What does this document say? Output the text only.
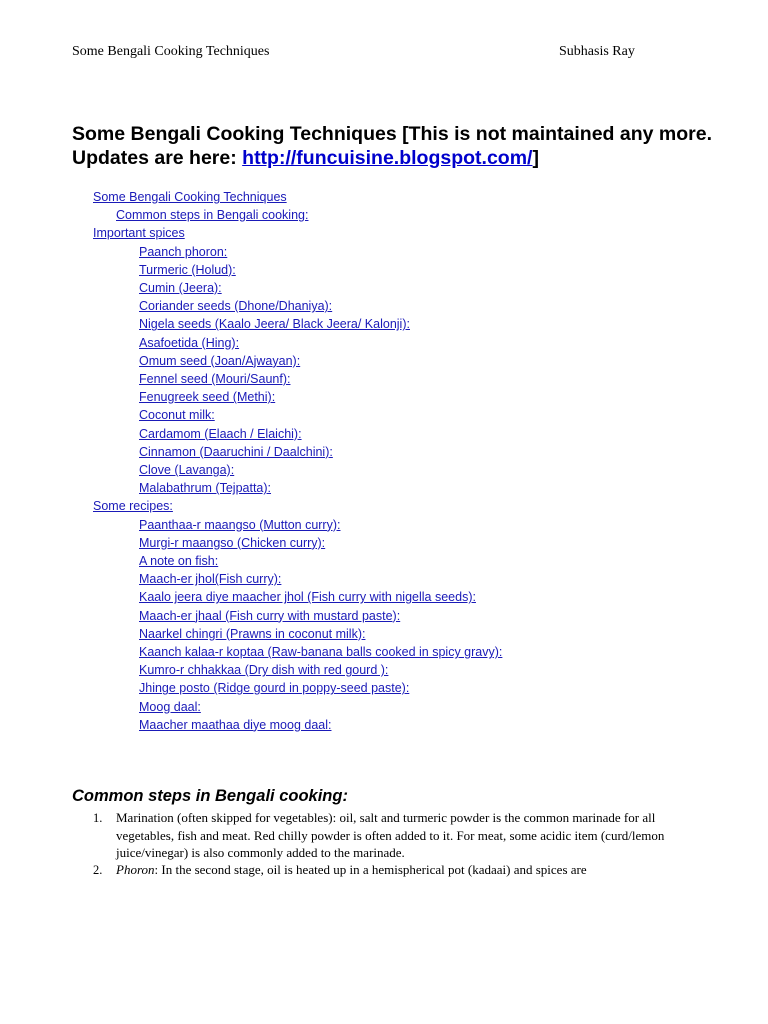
Some Bengali Cooking Techniques	Subhasis Ray
Some Bengali Cooking Techniques [This is not maintained any more. Updates are here: http://funcuisine.blogspot.com/]
Some Bengali Cooking Techniques
Common steps in Bengali cooking:
Important spices
Paanch phoron:
Turmeric (Holud):
Cumin (Jeera):
Coriander seeds (Dhone/Dhaniya):
Nigela seeds (Kaalo Jeera/ Black Jeera/ Kalonji):
Asafoetida (Hing):
Omum seed (Joan/Ajwayan):
Fennel seed (Mouri/Saunf):
Fenugreek seed (Methi):
Coconut milk:
Cardamom (Elaach / Elaichi):
Cinnamon (Daaruchini / Daalchini):
Clove (Lavanga):
Malabathrum (Tejpatta):
Some recipes:
Paanthaa-r maangso (Mutton curry):
Murgi-r maangso (Chicken curry):
A note on fish:
Maach-er jhol(Fish curry):
Kaalo jeera diye maacher jhol (Fish curry with nigella seeds):
Maach-er jhaal (Fish curry with mustard paste):
Naarkel chingri (Prawns in coconut milk):
Kaanch kalaa-r koptaa (Raw-banana balls cooked in spicy gravy):
Kumro-r chhakkaa (Dry dish with red gourd ):
Jhinge posto (Ridge gourd in poppy-seed paste):
Moog daal:
Maacher maathaa diye moog daal:
Common steps in Bengali cooking:
1. Marination (often skipped for vegetables): oil, salt and turmeric powder is the common marinade for all vegetables, fish and meat. Red chilly powder is often added to it. For meat, some acidic item (curd/lemon juice/vinegar) is also commonly added to the marinade.
2. Phoron: In the second stage, oil is heated up in a hemispherical pot (kadaai) and spices are
